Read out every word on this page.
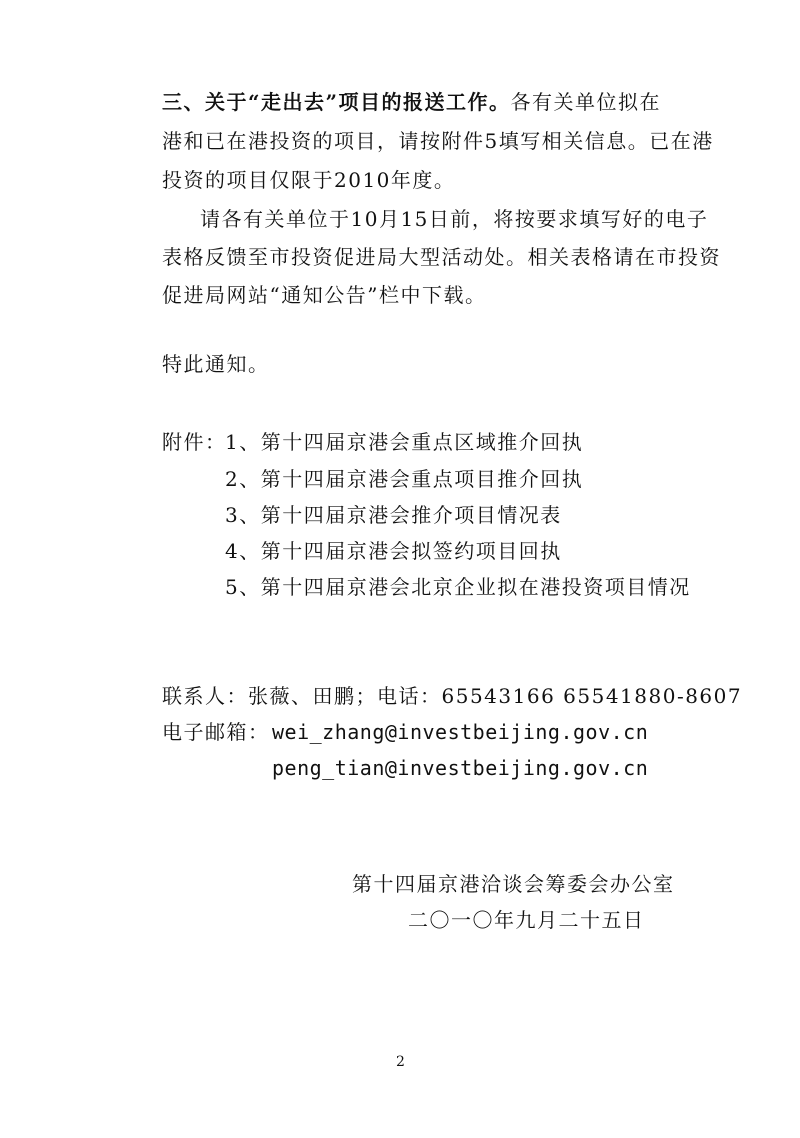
三、关于“走出去”项目的报送工作。各有关单位拟在
港和已在港投资的项目，请按附件5填写相关信息。已在港
投资的项目仅限于2010年度。
请各有关单位于10月15日前，将按要求填写好的电子
表格反馈至市投资促进局大型活动处。相关表格请在市投资
促进局网站“通知公告”栏中下载。
特此通知。
附件：
1、第十四届京港会重点区域推介回执
2、第十四届京港会重点项目推介回执
3、第十四届京港会推介项目情况表
4、第十四届京港会拟签约项目回执
5、第十四届京港会北京企业拟在港投资项目情况
联系人：张薇、田鹏；电话：65543166 65541880-8607
电子邮箱： wei_zhang@investbeijing.gov.cn
peng_tian@investbeijing.gov.cn
第十四届京港洽谈会筹委会办公室
二〇一〇年九月二十五日
2
